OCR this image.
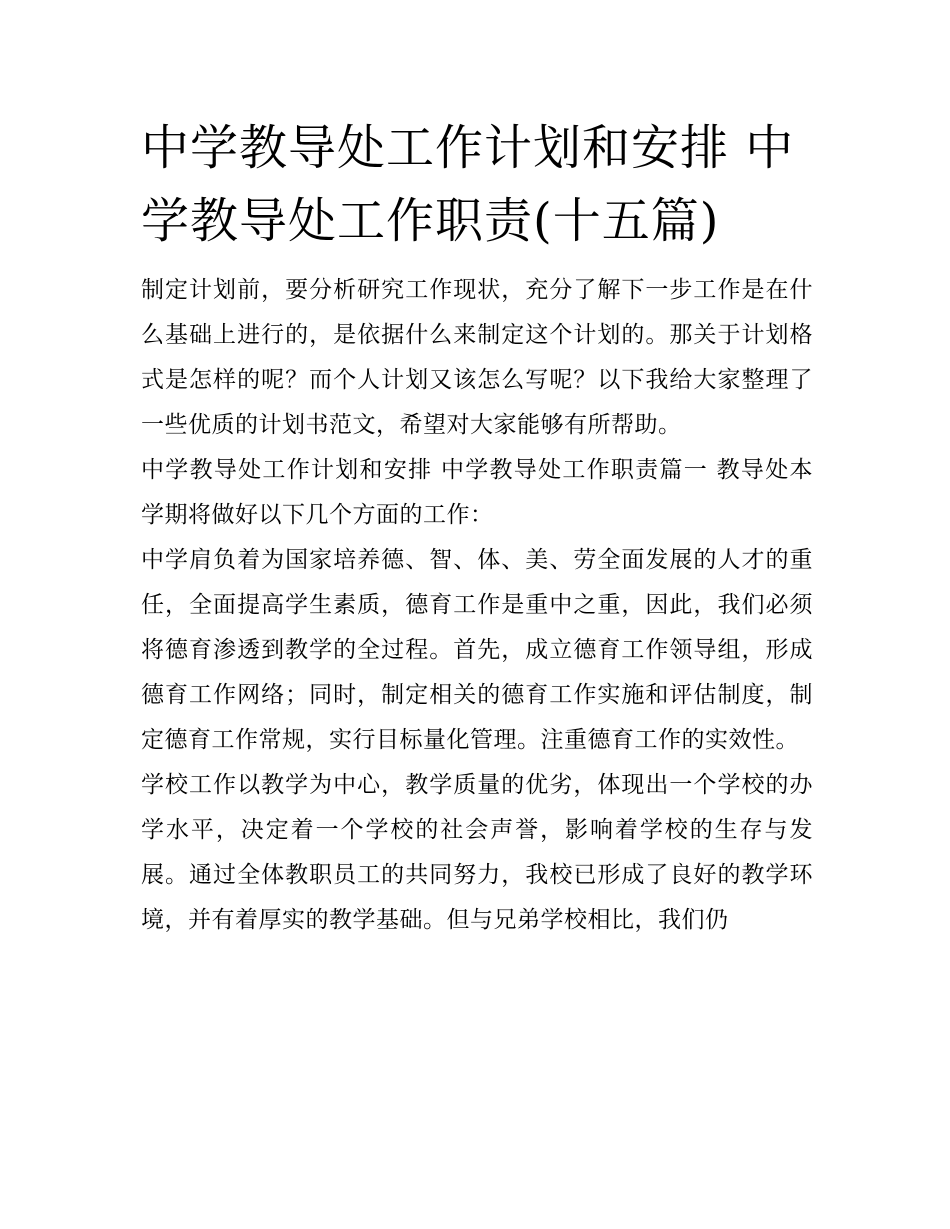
中学教导处工作计划和安排 中学教导处工作职责(十五篇)

制定计划前，要分析研究工作现状，充分了解下一步工作是在什么基础上进行的，是依据什么来制定这个计划的。那关于计划格式是怎样的呢？而个人计划又该怎么写呢？以下我给大家整理了一些优质的计划书范文，希望对大家能够有所帮助。

中学教导处工作计划和安排 中学教导处工作职责篇一 教导处本学期将做好以下几个方面的工作：

中学肩负着为国家培养德、智、体、美、劳全面发展的人才的重任，全面提高学生素质，德育工作是重中之重，因此，我们必须将德育渗透到教学的全过程。首先，成立德育工作领导组，形成德育工作网络；同时，制定相关的德育工作实施和评估制度，制定德育工作常规，实行目标量化管理。注重德育工作的实效性。

学校工作以教学为中心，教学质量的优劣，体现出一个学校的办学水平，决定着一个学校的社会声誉，影响着学校的生存与发展。通过全体教职员工的共同努力，我校已形成了良好的教学环境，并有着厚实的教学基础。但与兄弟学校相比，我们仍
